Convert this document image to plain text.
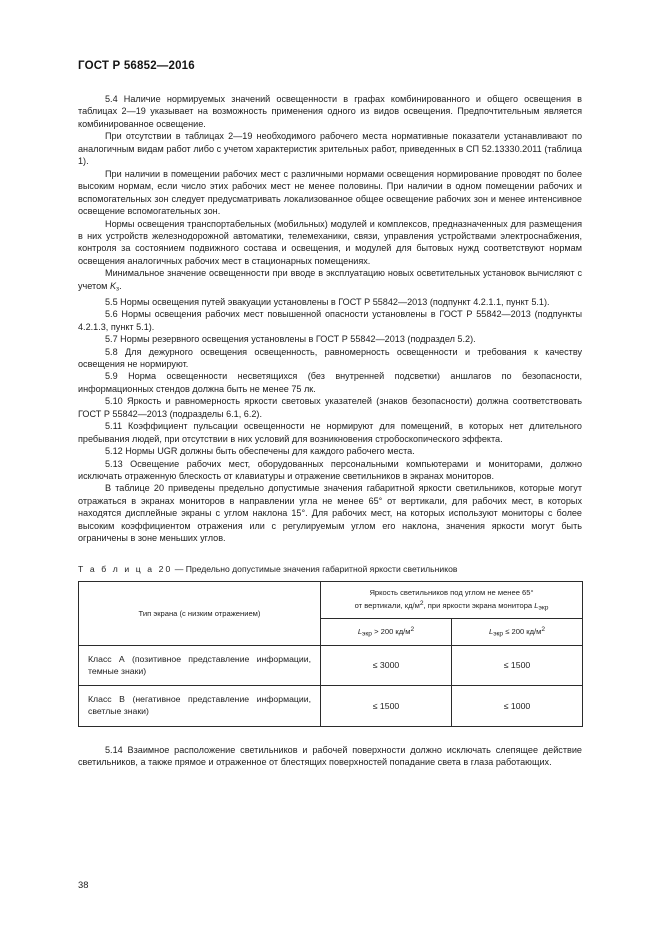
ГОСТ Р 56852—2016

5.4 Наличие нормируемых значений освещенности в графах комбинированного и общего освещения в таблицах 2—19 указывает на возможность применения одного из видов освещения. Предпочтительным является комбинированное освещение.

При отсутствии в таблицах 2—19 необходимого рабочего места нормативные показатели устанавливают по аналогичным видам работ либо с учетом характеристик зрительных работ, приведенных в СП 52.13330.2011 (таблица 1).

При наличии в помещении рабочих мест с различными нормами освещения нормирование проводят по более высоким нормам, если число этих рабочих мест не менее половины. При наличии в одном помещении рабочих и вспомогательных зон следует предусматривать локализованное общее освещение рабочих зон и менее интенсивное освещение вспомогательных зон.

Нормы освещения транспортабельных (мобильных) модулей и комплексов, предназначенных для размещения в них устройств железнодорожной автоматики, телемеханики, связи, управления устройствами электроснабжения, контроля за состоянием подвижного состава и освещения, и модулей для бытовых нужд соответствуют нормам освещения аналогичных рабочих мест в стационарных помещениях.

Минимальное значение освещенности при вводе в эксплуатацию новых осветительных установок вычисляют с учетом $K_з$.

5.5 Нормы освещения путей эвакуации установлены в ГОСТ Р 55842—2013 (подпункт 4.2.1.1, пункт 5.1).

5.6 Нормы освещения рабочих мест повышенной опасности установлены в ГОСТ Р 55842—2013 (подпункты 4.2.1.3, пункт 5.1).

5.7 Нормы резервного освещения установлены в ГОСТ Р 55842—2013 (подраздел 5.2).

5.8 Для дежурного освещения освещенность, равномерность освещенности и требования к качеству освещения не нормируют.

5.9 Норма освещенности несветящихся (без внутренней подсветки) аншлагов по безопасности, информационных стендов должна быть не менее 75 лк.

5.10 Яркость и равномерность яркости световых указателей (знаков безопасности) должна соответствовать ГОСТ Р 55842—2013 (подразделы 6.1, 6.2).

5.11 Коэффициент пульсации освещенности не нормируют для помещений, в которых нет длительного пребывания людей, при отсутствии в них условий для возникновения стробоскопического эффекта.

5.12 Нормы UGR должны быть обеспечены для каждого рабочего места.

5.13 Освещение рабочих мест, оборудованных персональными компьютерами и мониторами, должно исключать отраженную блескость от клавиатуры и отражение светильников в экранах мониторов.

В таблице 20 приведены предельно допустимые значения габаритной яркости светильников, которые могут отражаться в экранах мониторов в направлении угла не менее 65° от вертикали, для рабочих мест, в которых находятся дисплейные экраны с углом наклона 15°. Для рабочих мест, на которых используют мониторы с более высоким коэффициентом отражения или с регулируемым углом его наклона, значения яркости могут быть ограничены в зоне меньших углов.

Т а б л и ц а 20 — Предельно допустимые значения габаритной яркости светильников

Тип экрана (с низким отражением)	Яркость светильников под углом не менее 65°
от вертикали, $кд/м^2$, при яркости экрана монитора $L_{экр}$
	$L_{экр} > 200$ $кд/м^2$	$L_{экр} \le 200$ $кд/м^2$
Класс А (позитивное представление информации, темные знаки)	≤ 3000	≤ 1500
Класс В (негативное представление информации, светлые знаки)	≤ 1500	≤ 1000

5.14 Взаимное расположение светильников и рабочей поверхности должно исключать слепящее действие светильников, а также прямое и отраженное от блестящих поверхностей попадание света в глаза работающих.

38
